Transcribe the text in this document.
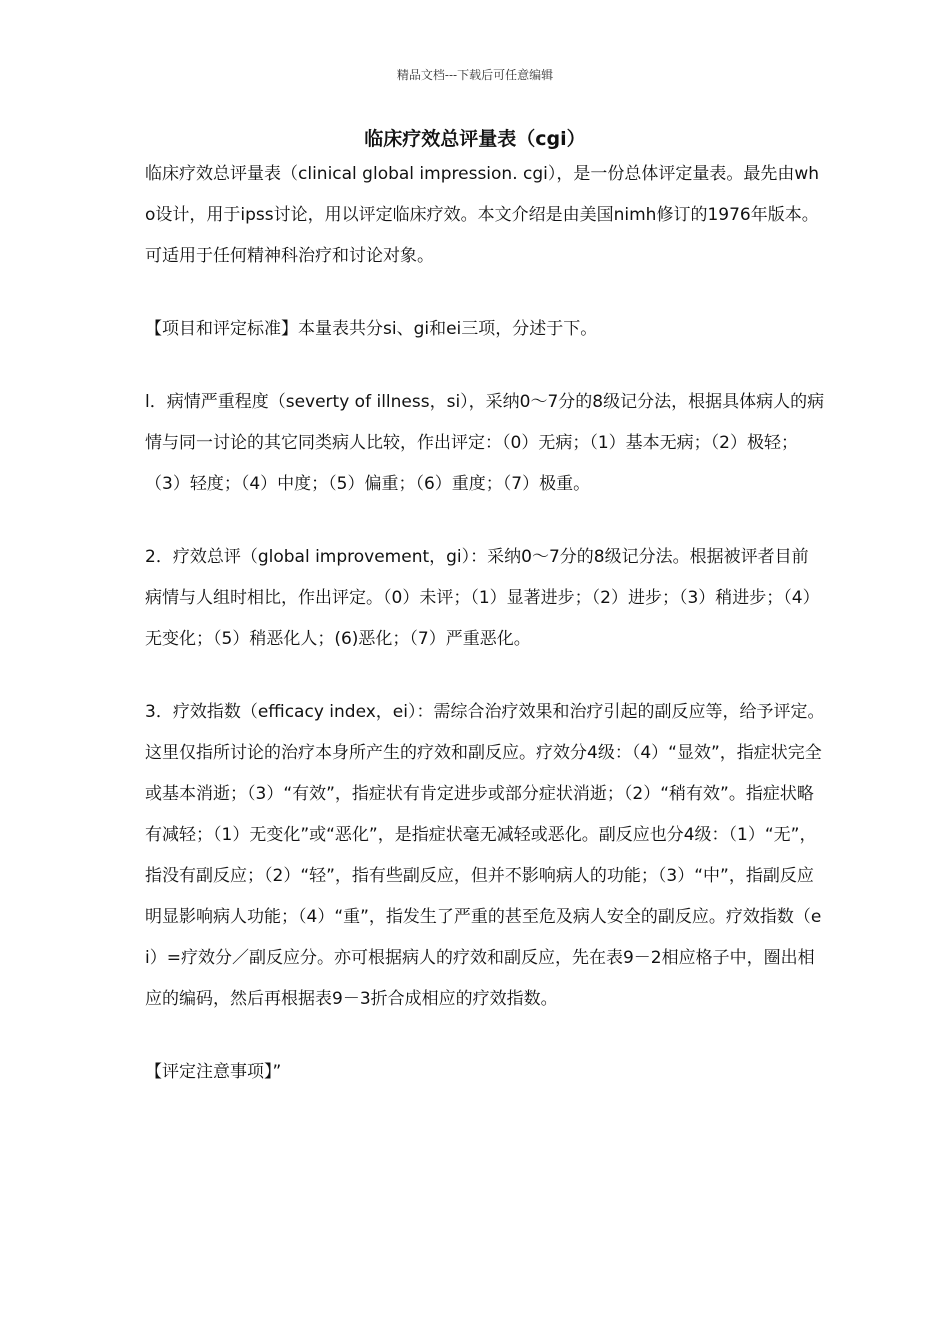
精品文档---下载后可任意编辑
临床疗效总评量表（cgi）

临床疗效总评量表（clinical global impression. cgi），是一份总体评定量表。最先由who设计，用于ipss讨论，用以评定临床疗效。本文介绍是由美国nimh修订的1976年版本。可适用于任何精神科治疗和讨论对象。

【项目和评定标准】本量表共分si、gi和ei三项，分述于下。

l．病情严重程度（severty of illness，si），采纳0～7分的8级记分法，根据具体病人的病情与同一讨论的其它同类病人比较，作出评定：（0）无病；（1）基本无病；（2）极轻；（3）轻度；（4）中度；（5）偏重；（6）重度；（7）极重。

2．疗效总评（global improvement，gi）：采纳0～7分的8级记分法。根据被评者目前病情与人组时相比，作出评定。（0）未评；（1）显著进步；（2）进步；（3）稍进步；（4）无变化；（5）稍恶化人；(6)恶化；（7）严重恶化。

3．疗效指数（efficacy index，ei）：需综合治疗效果和治疗引起的副反应等，给予评定。这里仅指所讨论的治疗本身所产生的疗效和副反应。疗效分4级：（4）“显效”，指症状完全或基本消逝；（3）“有效”，指症状有肯定进步或部分症状消逝；（2）“稍有效”。指症状略有减轻；（1）无变化”或“恶化”，是指症状毫无减轻或恶化。副反应也分4级：（1）“无”，指没有副反应；（2）“轻”，指有些副反应，但并不影响病人的功能；（3）“中”，指副反应明显影响病人功能；（4）“重”，指发生了严重的甚至危及病人安全的副反应。疗效指数（ei）=疗效分／副反应分。亦可根据病人的疗效和副反应，先在表9－2相应格子中，圈出相应的编码，然后再根据表9－3折合成相应的疗效指数。

【评定注意事项】”
